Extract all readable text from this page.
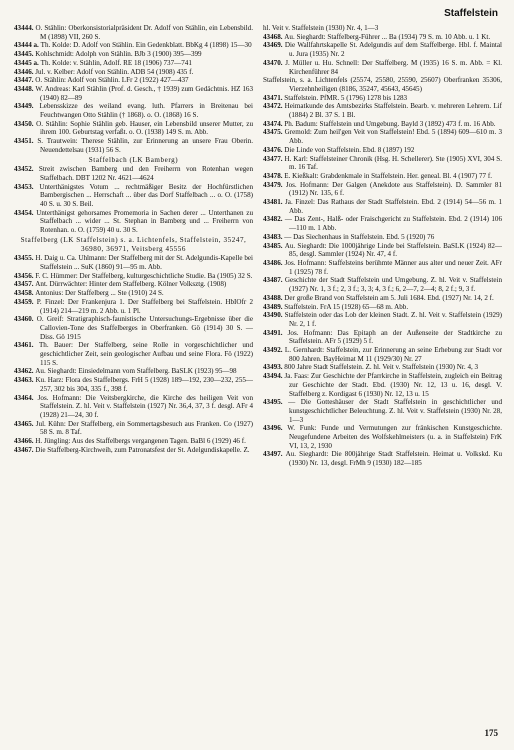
Staffelstein

43444. O. Stählin: Oberkonsistorialpräsident Dr. Adolf von Stählin, ein Lebensbild. M (1898) VII, 260 S.

43444 a. Th. Kolde: D. Adolf von Stählin. Ein Gedenkblatt. BbKg 4 (1898) 15—30

43445. Kohlschmidt: Adolph von Stählin. BJb 3 (1900) 395—399

43445 a. Th. Kolde: v. Stählin, Adolf. RE 18 (1906) 737—741

43446. Jul. v. Kelber: Adolf von Stählin. ADB 54 (1908) 435 f.

43447. O. Stählin: Adolf von Stählin. LFr 2 (1922) 427—437

43448. W. Andreas: Karl Stählin (Prof. d. Gesch., † 1939) zum Gedächtnis. HZ 163 (1940) 82—89

43449. Lebensskizze des weiland evang. luth. Pfarrers in Breitenau bei Feuchtwangen Otto Stählin († 1868). o. O. (1868) 16 S.

43450. O. Stählin: Sophie Stählin geb. Hauser, ein Lebensbild unserer Mutter, zu ihrem 100. Geburtstag verfaßt. o. O. (1938) 149 S. m. Abb.

43451. S. Trautwein: Therese Stählin, zur Erinnerung an unsere Frau Oberin. Neuendettelsau (1931) 56 S.

Staffelbach (LK Bamberg)

43452. Streit zwischen Bamberg und den Freiherrn von Rotenhan wegen Staffelbach. DBT 1202 Nr. 4621—4624

43453. Unterthänigstes Votum ... rechtmäßiger Besitz der Hochfürstlichen Bambergischen ... Herrschaft ... über das Dorf Staffelbach ... o. O. (1758) 40 S. u. 30 S. Beil.

43454. Unterthänigst gehorsames Promemoria in Sachen derer ... Unterthanen zu Staffelbach ... wider ... St. Stephan in Bamberg und ... Freiherrn von Rotenhan. o. O. (1759) 40 u. 30 S.

Staffelberg (LK Staffelstein) s. a. Lichtenfels, Staffelstein, 35247, 36980, 36971, Veitsberg 45556

43455. H. Daig u. Ca. Uhlmann: Der Staffelberg mit der St. Adelgundis-Kapelle bei Staffelstein ... SuK (1860) 91—95 m. Abb.

43456. F. C. Hümmer: Der Staffelberg, kulturgeschichtliche Studie. Ba (1905) 32 S.

43457. Ant. Dürrwächter: Hinter dem Staffelberg. Kölner Volksztg. (1908)

43458. Antonius: Der Staffelberg ... Ste (1910) 24 S.

43459. P. Finzel: Der Frankenjura 1. Der Staffelberg bei Staffelstein. HbIOfr 2 (1914) 214—219 m. 2 Abb. u. 1 Pl.

43460. O. Greif: Stratigraphisch-faunistische Untersuchungs-Ergebnisse über die Callovien-Tone des Staffelberges in Oberfranken. Gö (1914) 30 S. — Diss. Gö 1915

43461. Th. Bauer: Der Staffelberg, seine Rolle in vorgeschichtlicher und geschichtlicher Zeit, sein geologischer Aufbau und seine Flora. Fö (1922) 115 S.

43462. Au. Sieghardt: Einsiedelmann vom Staffelberg. BaSLK (1923) 95—98

43463. Ku. Harz: Flora des Staffelbergs. FrH 5 (1928) 189—192, 230—232, 255—257, 302 bis 304, 335 f., 398 f.

43464. Jos. Hofmann: Die Veitsbergkirche, die Kirche des heiligen Veit von Staffelstein. Z. hl. Veit v. Staffelstein (1927) Nr. 36,4, 37, 3 f. desgl. AFr 4 (1928) 21—24, 30 f.

43465. Jul. Kühn: Der Staffelberg, ein Sommertagsbesuch aus Franken. Co (1927) 58 S. m. 8 Taf.

43466. H. Jüngling: Aus des Staffelbergs vergangenen Tagen. BaBl 6 (1929) 46 f.

43467. Die Staffelberg-Kirchweih, zum Patronatsfest der St. Adelgundiskapelle. Z.

hl. Veit v. Staffelstein (1930) Nr. 4, 1—3

43468. Au. Sieghardt: Staffelberg-Führer ... Ba (1934) 79 S. m. 10 Abb. u. 1 Kt.

43469. Die Wallfahrtskapelle St. Adelgundis auf dem Staffelberge. Hbl. f. Maintal u. Jura (1935) Nr. 2

43470. J. Müller u. Hu. Schnell: Der Staffelberg. M (1935) 16 S. m. Abb. = Kl. Kirchenführer 84

Staffelstein, s. a. Lichtenfels (25574, 25580, 25590, 25607) Oberfranken 35306, Vierzehnheiligen (8186, 35247, 45643, 45645)

43471. Staffelstein. PfMR. 5 (1796) 1278 bis 1283

43472. Heimatkunde des Amtsbezirks Staffelstein. Bearb. v. mehreren Lehrern. Lif (1884) 2 Bl. 37 S. 1 Bl.

43474. Ph. Badum: Staffelstein und Umgebung. Bayld 3 (1892) 473 f. m. 16 Abb.

43475. Gremold: Zum heil'gen Veit von Staffelstein! Ebd. 5 (1894) 609—610 m. 3 Abb.

43476. Die Linde von Staffelstein. Ebd. 8 (1897) 192

43477. H. Karl: Staffelsteiner Chronik (Hsg. H. Schellerer). Ste (1905) XVI, 304 S. m. 16 Taf.

43478. E. Kießkalt: Grabdenkmale in Staffelstein. Her. geneal. Bl. 4 (1907) 77 f.

43479. Jos. Hofmann: Der Galgen (Anekdote aus Staffelstein). D. Sammler 81 (1912) Nr. 135, 6 f.

43481. Ja. Finzel: Das Rathaus der Stadt Staffelstein. Ebd. 2 (1914) 54—56 m. 1 Abb.

43482. — Das Zent-, Halß- oder Fraischgericht zu Staffelstein. Ebd. 2 (1914) 106—110 m. 1 Abb.

43483. — Das Siechenhaus in Staffelstein. Ebd. 5 (1920) 76

43485. Au. Sieghardt: Die 1000jährige Linde bei Staffelstein. BaSLK (1924) 82—85, desgl. Sammler (1924) Nr. 47, 4 f.

43486. Jos. Hofmann: Staffelsteins berühmte Männer aus alter und neuer Zeit. AFr 1 (1925) 78 f.

43487. Geschichte der Stadt Staffelstein und Umgebung. Z. hl. Veit v. Staffelstein (1927) Nr. 1, 3 f.; 2, 3 f.; 3, 3; 4, 3 f.; 6, 2—7, 2—4; 8, 2 f.; 9, 3 f.

43488. Der große Brand von Staffelstein am 5. Juli 1684. Ebd. (1927) Nr. 14, 2 f.

43489. Staffelstein. FrA 15 (1928) 65—68 m. Abb.

43490. Staffelstein oder das Lob der kleinen Stadt. Z. hl. Veit v. Staffelstein (1929) Nr. 2, 1 f.

43491. Jos. Hofmann: Das Epitaph an der Außenseite der Stadtkirche zu Staffelstein. AFr 5 (1929) 5 f.

43492. L. Gernhardt: Staffelstein, zur Erinnerung an seine Erhebung zur Stadt vor 800 Jahren. BayHeimat M 11 (1929/30) Nr. 27

43493. 800 Jahre Stadt Staffelstein. Z. hl. Veit v. Staffelstein (1930) Nr. 4, 3

43494. Ja. Faas: Zur Geschichte der Pfarrkirche in Staffelstein, zugleich ein Beitrag zur Geschichte der Stadt. Ebd. (1930) Nr. 12, 13 u. 16, desgl. V. Staffelberg z. Kordigast 6 (1930) Nr. 12, 13 u. 15

43495. — Die Gotteshäuser der Stadt Staffelstein in geschichtlicher und kunstgeschichtlicher Beleuchtung. Z. hl. Veit v. Staffelstein (1930) Nr. 28, 1—3

43496. W. Funk: Funde und Vermutungen zur fränkischen Kunstgeschichte. Neugefundene Arbeiten des Wolfskehlmeisters (u. a. in Staffelstein) FrK VI, 13, 2, 1930

43497. Au. Sieghardt: Die 800jährige Stadt Staffelstein. Heimat u. Volkskd. Ku (1930) Nr. 13, desgl. FrMh 9 (1930) 182—185

175
